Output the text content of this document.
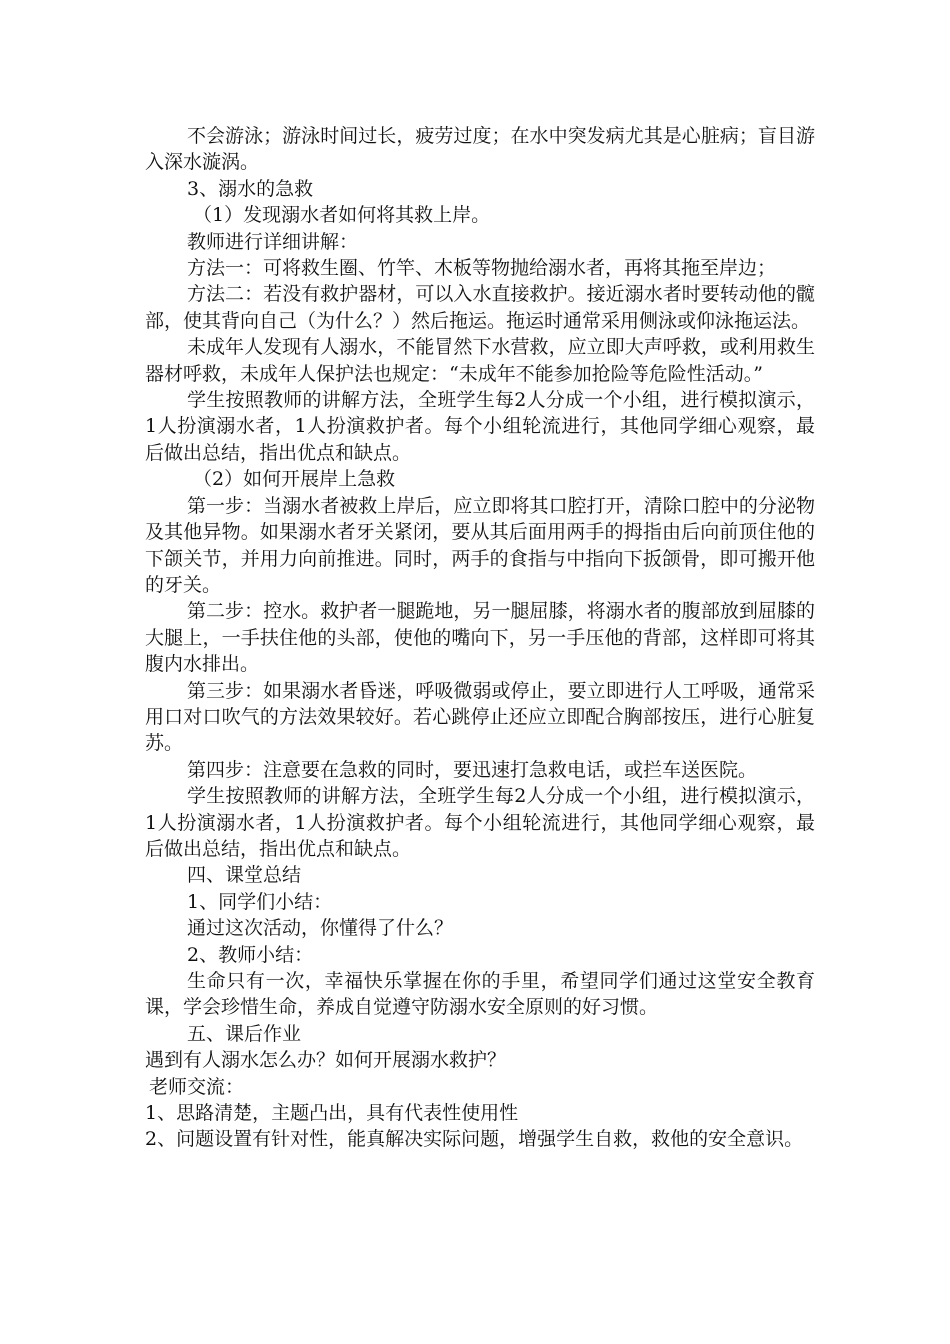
不会游泳；游泳时间过长，疲劳过度；在水中突发病尤其是心脏病；盲目游入深水漩涡。

3、溺水的急救

（1）发现溺水者如何将其救上岸。

教师进行详细讲解：

方法一：可将救生圈、竹竿、木板等物抛给溺水者，再将其拖至岸边；

方法二：若没有救护器材，可以入水直接救护。接近溺水者时要转动他的髋部，使其背向自己（为什么？）然后拖运。拖运时通常采用侧泳或仰泳拖运法。

未成年人发现有人溺水，不能冒然下水营救，应立即大声呼救，或利用救生器材呼救，未成年人保护法也规定：“未成年不能参加抢险等危险性活动。”

学生按照教师的讲解方法，全班学生每2人分成一个小组，进行模拟演示，1人扮演溺水者，1人扮演救护者。每个小组轮流进行，其他同学细心观察，最后做出总结，指出优点和缺点。

（2）如何开展岸上急救

第一步：当溺水者被救上岸后，应立即将其口腔打开，清除口腔中的分泌物及其他异物。如果溺水者牙关紧闭，要从其后面用两手的拇指由后向前顶住他的下颌关节，并用力向前推进。同时，两手的食指与中指向下扳颌骨，即可搬开他的牙关。

第二步：控水。救护者一腿跪地，另一腿屈膝，将溺水者的腹部放到屈膝的大腿上，一手扶住他的头部，使他的嘴向下，另一手压他的背部，这样即可将其腹内水排出。

第三步：如果溺水者昏迷，呼吸微弱或停止，要立即进行人工呼吸，通常采用口对口吹气的方法效果较好。若心跳停止还应立即配合胸部按压，进行心脏复苏。

第四步：注意要在急救的同时，要迅速打急救电话，或拦车送医院。

学生按照教师的讲解方法，全班学生每2人分成一个小组，进行模拟演示，1人扮演溺水者，1人扮演救护者。每个小组轮流进行，其他同学细心观察，最后做出总结，指出优点和缺点。

四、课堂总结

1、同学们小结：

通过这次活动，你懂得了什么？

2、教师小结：

生命只有一次，幸福快乐掌握在你的手里，希望同学们通过这堂安全教育课，学会珍惜生命，养成自觉遵守防溺水安全原则的好习惯。

五、课后作业

遇到有人溺水怎么办？如何开展溺水救护？

老师交流：

1、思路清楚，主题凸出，具有代表性使用性

2、问题设置有针对性，能真解决实际问题，增强学生自救，救他的安全意识。
